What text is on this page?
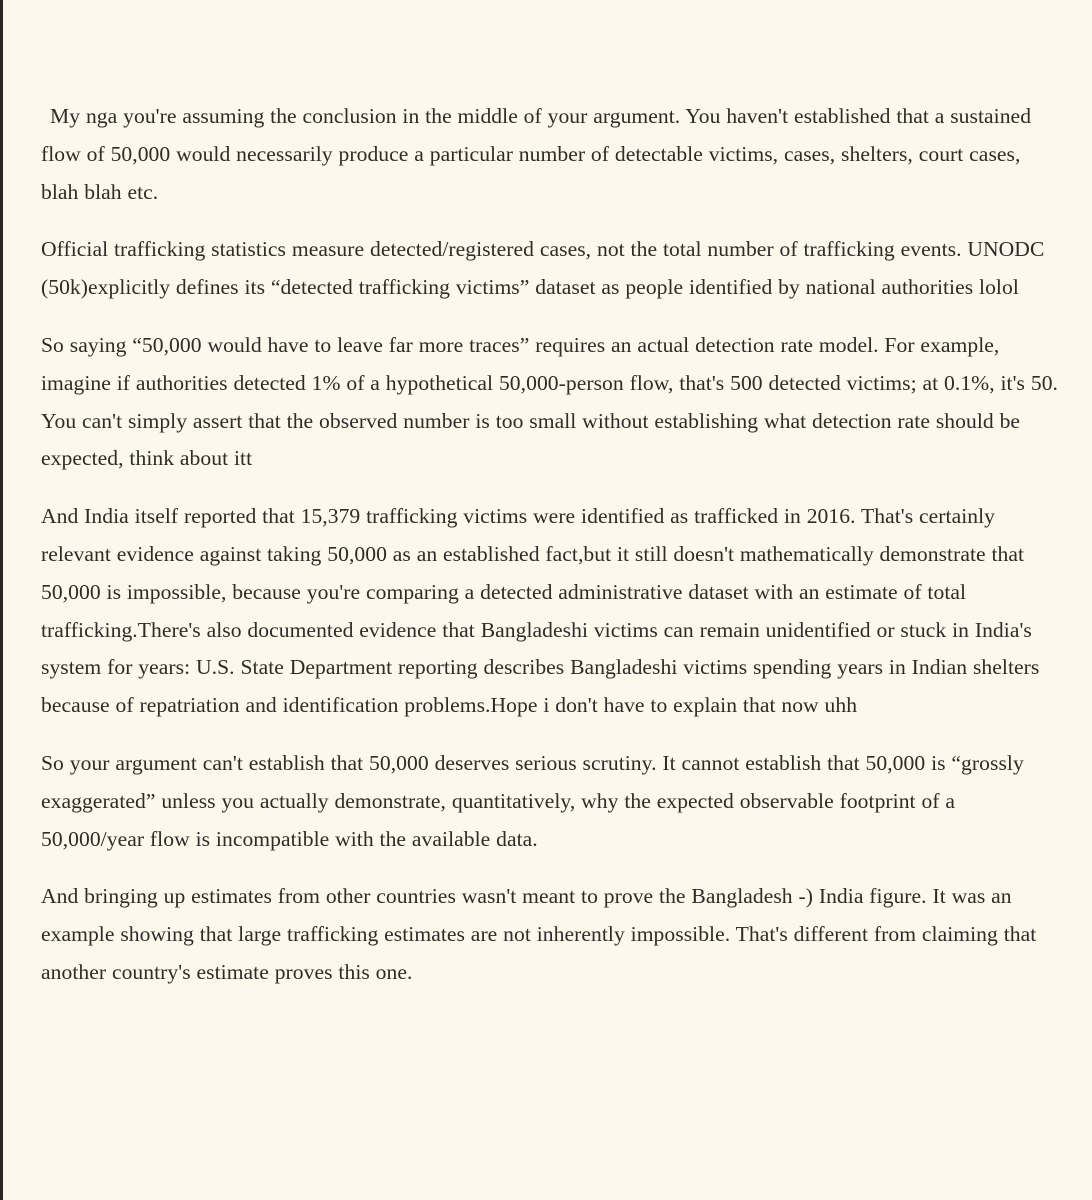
My nga you're assuming the conclusion in the middle of your argument. You haven't established that a sustained flow of 50,000 would necessarily produce a particular number of detectable victims, cases, shelters, court cases, blah blah etc.

Official trafficking statistics measure detected/registered cases, not the total number of trafficking events. UNODC (50k)explicitly defines its “detected trafficking victims” dataset as people identified by national authorities lolol

So saying “50,000 would have to leave far more traces” requires an actual detection rate model. For example, imagine if authorities detected 1% of a hypothetical 50,000-person flow, that's 500 detected victims; at 0.1%, it's 50. You can't simply assert that the observed number is too small without establishing what detection rate should be expected, think about itt

And India itself reported that 15,379 trafficking victims were identified as trafficked in 2016. That's certainly relevant evidence against taking 50,000 as an established fact,but it still doesn't mathematically demonstrate that 50,000 is impossible, because you're comparing a detected administrative dataset with an estimate of total trafficking.There's also documented evidence that Bangladeshi victims can remain unidentified or stuck in India's system for years: U.S. State Department reporting describes Bangladeshi victims spending years in Indian shelters because of repatriation and identification problems.Hope i don't have to explain that now uhh

So your argument can't establish that 50,000 deserves serious scrutiny. It cannot establish that 50,000 is “grossly exaggerated” unless you actually demonstrate, quantitatively, why the expected observable footprint of a 50,000/year flow is incompatible with the available data.

And bringing up estimates from other countries wasn't meant to prove the Bangladesh -) India figure. It was an example showing that large trafficking estimates are not inherently impossible. That's different from claiming that another country's estimate proves this one.
